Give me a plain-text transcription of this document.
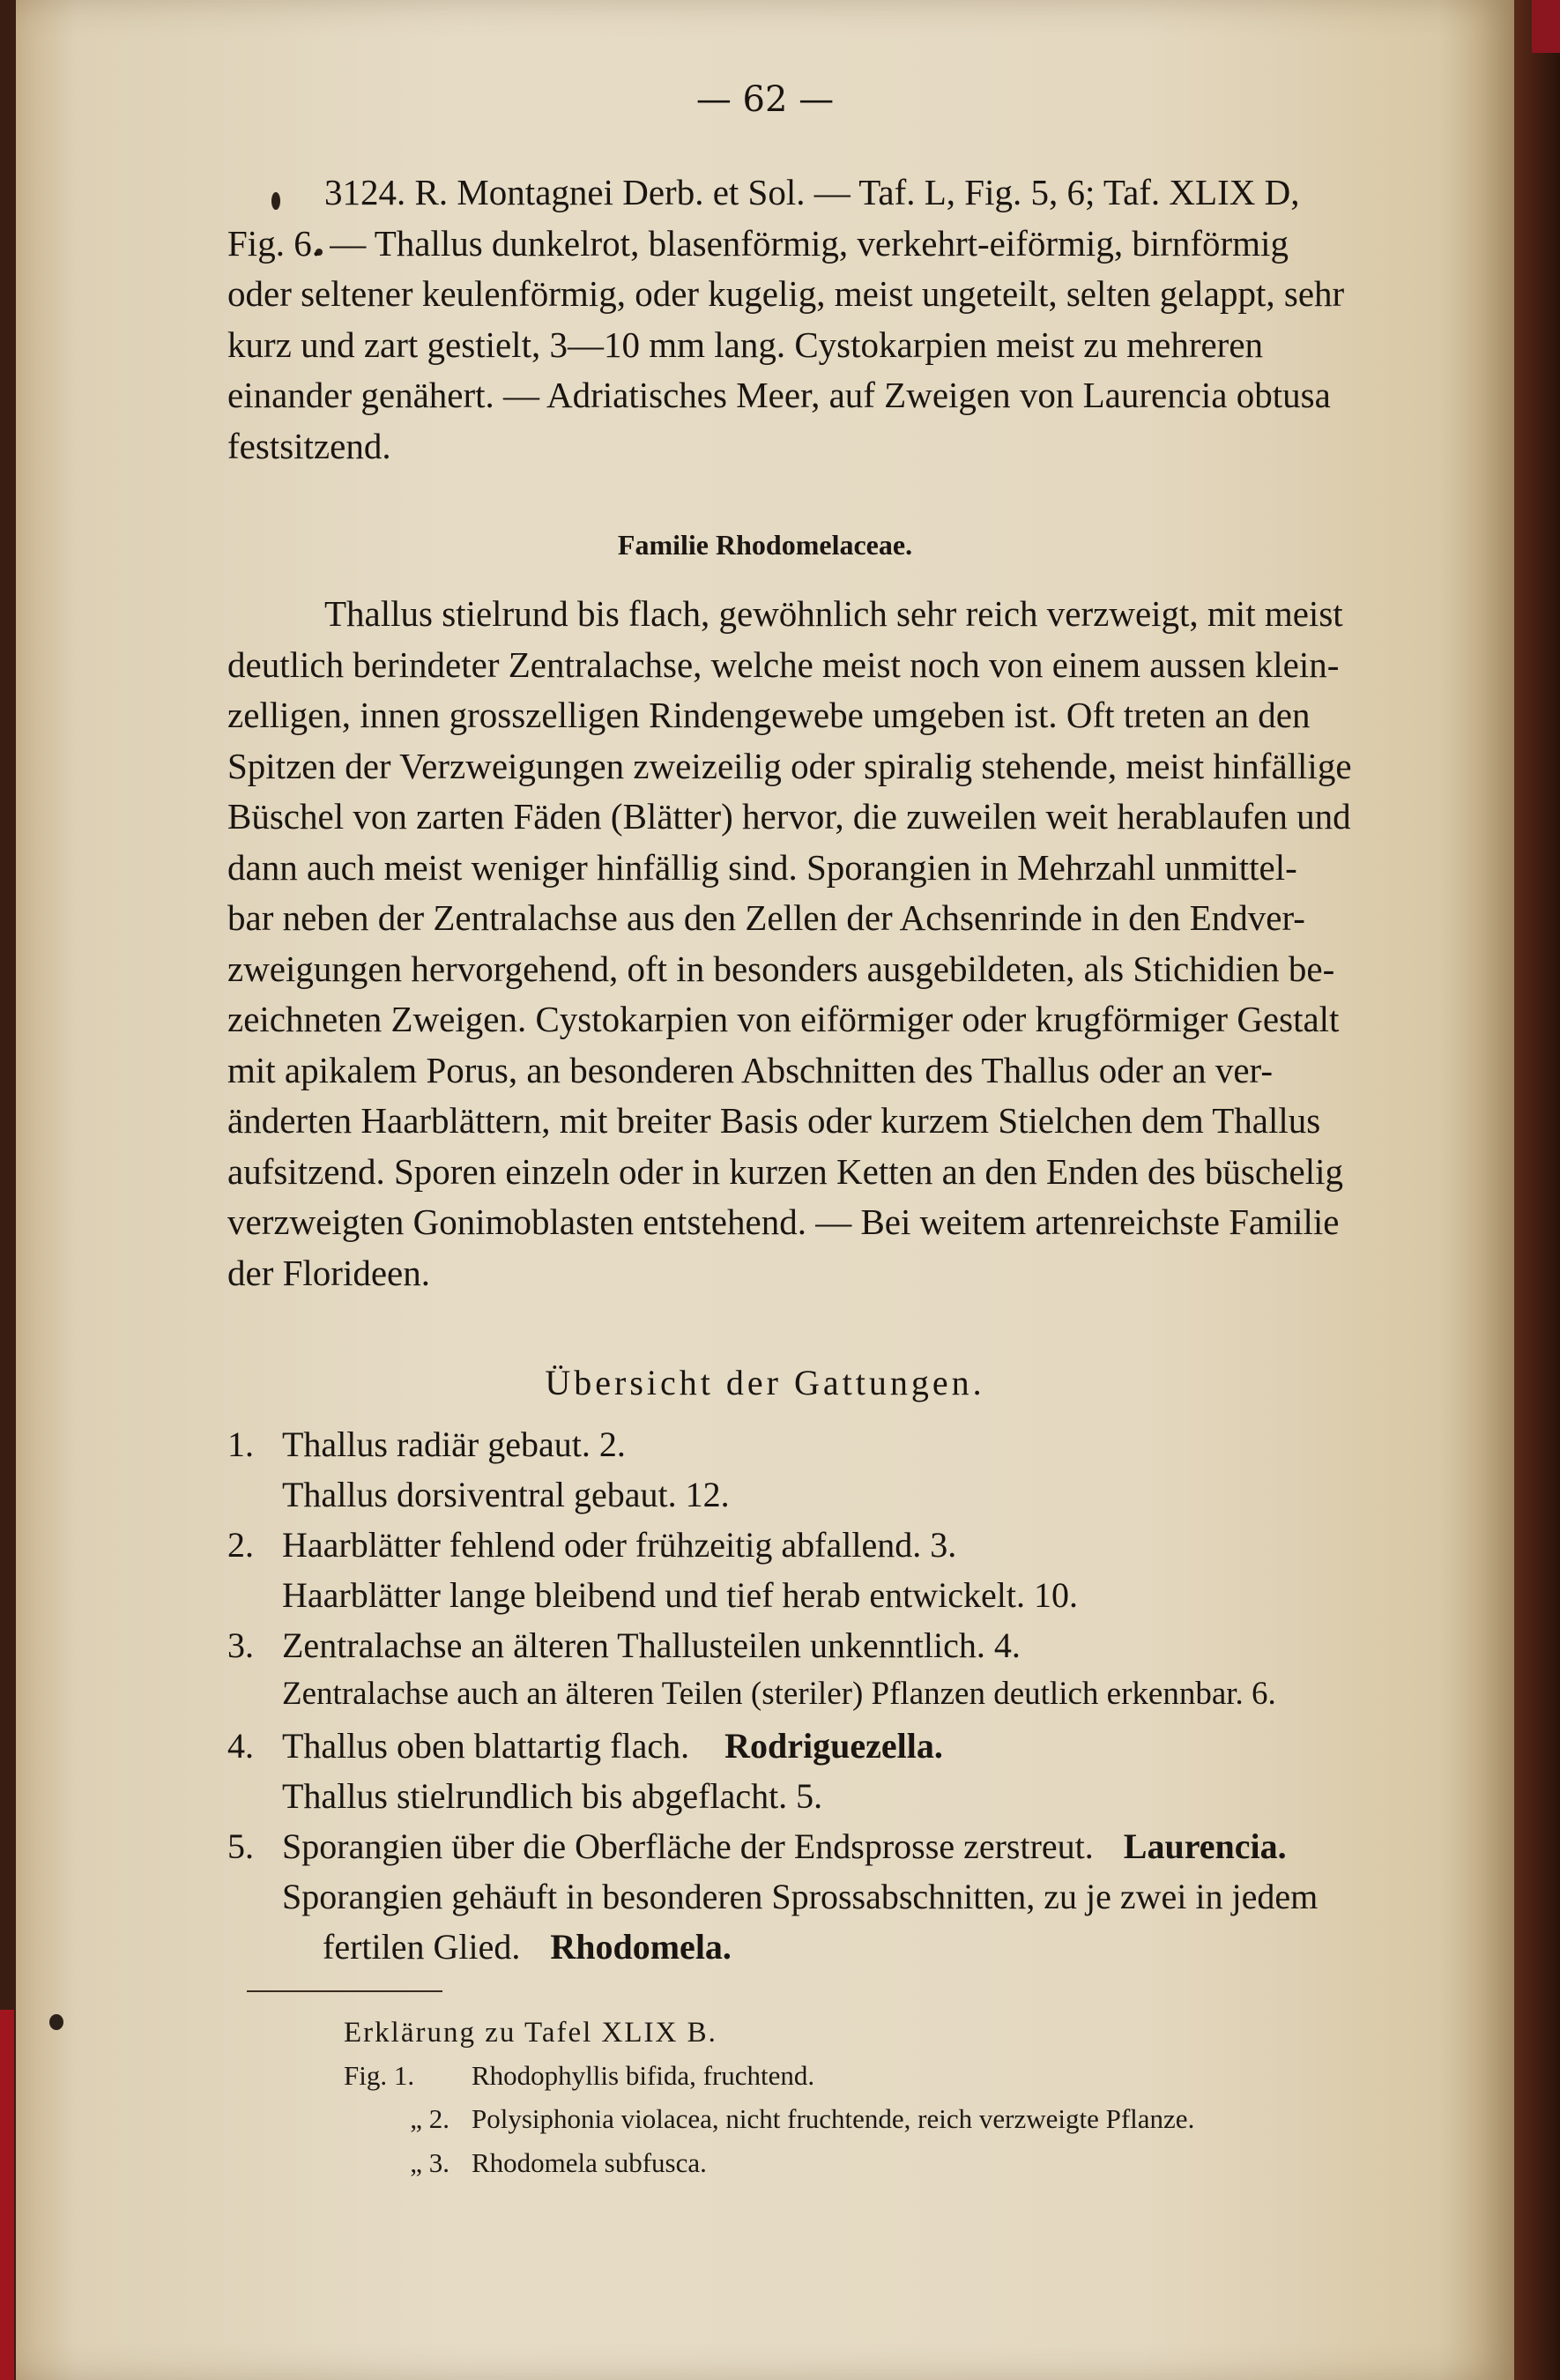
— 62 —
3124. R. Montagnei Derb. et Sol. — Taf. L, Fig. 5, 6; Taf. XLIX D,
Fig. 6. — Thallus dunkelrot, blasenförmig, verkehrt-eiförmig, birnförmig
oder seltener keulenförmig, oder kugelig, meist ungeteilt, selten gelappt, sehr
kurz und zart gestielt, 3—10 mm lang. Cystokarpien meist zu mehreren
einander genähert. — Adriatisches Meer, auf Zweigen von Laurencia obtusa
festsitzend.
Familie Rhodomelaceae.
Thallus stielrund bis flach, gewöhnlich sehr reich verzweigt, mit meist
deutlich berindeter Zentralachse, welche meist noch von einem aussen klein-
zelligen, innen grosszelligen Rindengewebe umgeben ist. Oft treten an den
Spitzen der Verzweigungen zweizeilig oder spiralig stehende, meist hinfällige
Büschel von zarten Fäden (Blätter) hervor, die zuweilen weit herablaufen und
dann auch meist weniger hinfällig sind. Sporangien in Mehrzahl unmittel-
bar neben der Zentralachse aus den Zellen der Achsenrinde in den Endver-
zweigungen hervorgehend, oft in besonders ausgebildeten, als Stichidien be-
zeichneten Zweigen. Cystokarpien von eiförmiger oder krugförmiger Gestalt
mit apikalem Porus, an besonderen Abschnitten des Thallus oder an ver-
änderten Haarblättern, mit breiter Basis oder kurzem Stielchen dem Thallus
aufsitzend. Sporen einzeln oder in kurzen Ketten an den Enden des büschelig
verzweigten Gonimoblasten entstehend. — Bei weitem artenreichste Familie
der Florideen.
Übersicht der Gattungen.
1. Thallus radiär gebaut. 2.
Thallus dorsiventral gebaut. 12.
2. Haarblätter fehlend oder frühzeitig abfallend. 3.
Haarblätter lange bleibend und tief herab entwickelt. 10.
3. Zentralachse an älteren Thallusteilen unkenntlich. 4.
Zentralachse auch an älteren Teilen (steriler) Pflanzen deutlich erkennbar. 6.
4. Thallus oben blattartig flach. Rodriguezella.
Thallus stielrundlich bis abgeflacht. 5.
5. Sporangien über die Oberfläche der Endsprosse zerstreut. Laurencia.
Sporangien gehäuft in besonderen Sprossabschnitten, zu je zwei in jedem
fertilen Glied. Rhodomela.
Erklärung zu Tafel XLIX B.
Fig. 1. Rhodophyllis bifida, fruchtend.
„ 2. Polysiphonia violacea, nicht fruchtende, reich verzweigte Pflanze.
„ 3. Rhodomela subfusca.
